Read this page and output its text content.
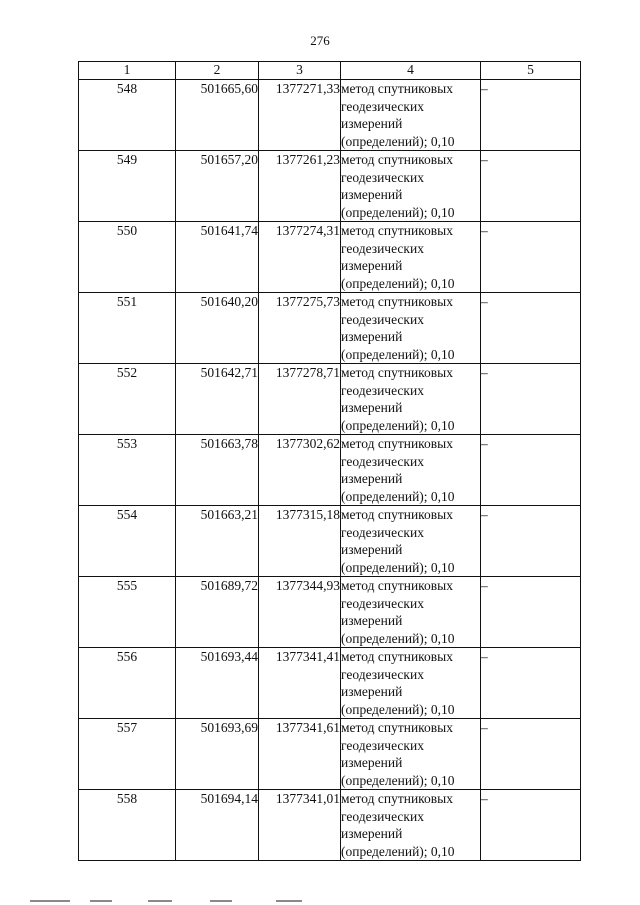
276
1	2	3	4	5
548	501665,60	1377271,33	метод спутниковых
геодезических
измерений
(определений); 0,10	–
549	501657,20	1377261,23	метод спутниковых
геодезических
измерений
(определений); 0,10	–
550	501641,74	1377274,31	метод спутниковых
геодезических
измерений
(определений); 0,10	–
551	501640,20	1377275,73	метод спутниковых
геодезических
измерений
(определений); 0,10	–
552	501642,71	1377278,71	метод спутниковых
геодезических
измерений
(определений); 0,10	–
553	501663,78	1377302,62	метод спутниковых
геодезических
измерений
(определений); 0,10	–
554	501663,21	1377315,18	метод спутниковых
геодезических
измерений
(определений); 0,10	–
555	501689,72	1377344,93	метод спутниковых
геодезических
измерений
(определений); 0,10	–
556	501693,44	1377341,41	метод спутниковых
геодезических
измерений
(определений); 0,10	–
557	501693,69	1377341,61	метод спутниковых
геодезических
измерений
(определений); 0,10	–
558	501694,14	1377341,01	метод спутниковых
геодезических
измерений
(определений); 0,10	–
